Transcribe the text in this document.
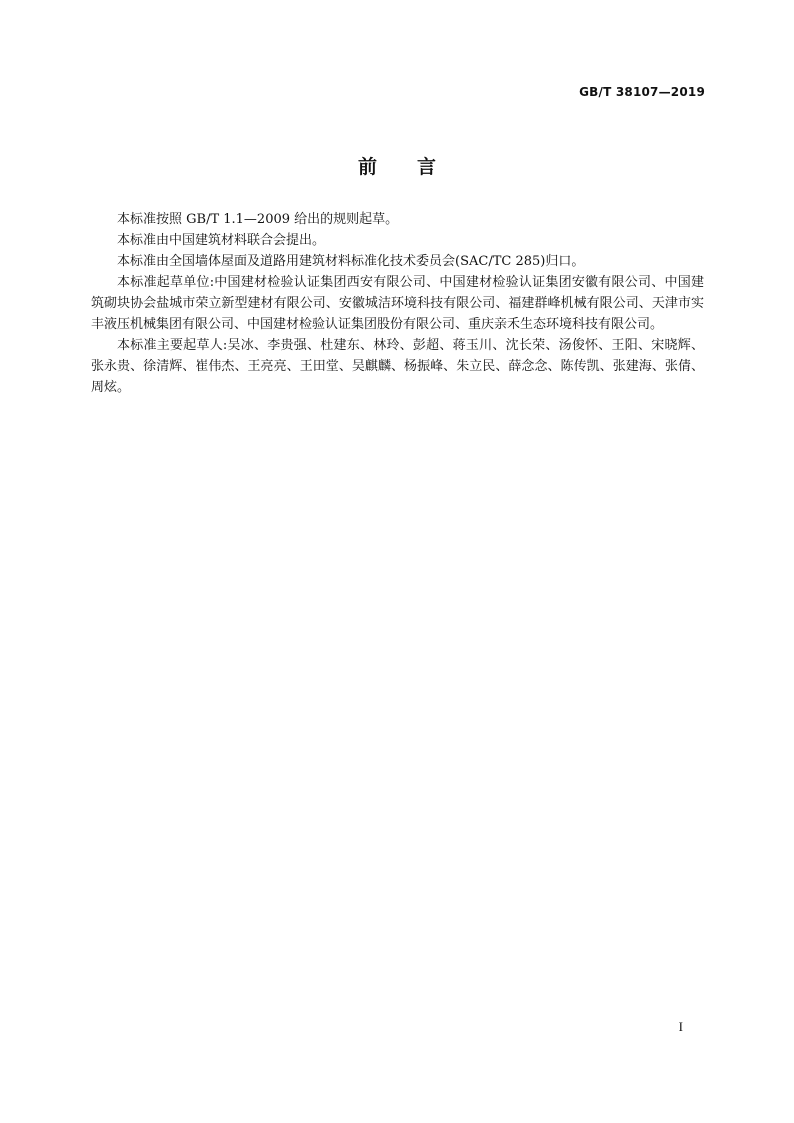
GB/T 38107—2019
前言

本标准按照 GB/T 1.1—2009 给出的规则起草。

本标准由中国建筑材料联合会提出。

本标准由全国墙体屋面及道路用建筑材料标准化技术委员会(SAC/TC 285)归口。

本标准起草单位:中国建材检验认证集团西安有限公司、中国建材检验认证集团安徽有限公司、中国建筑砌块协会盐城市荣立新型建材有限公司、安徽城洁环境科技有限公司、福建群峰机械有限公司、天津市实丰液压机械集团有限公司、中国建材检验认证集团股份有限公司、重庆亲禾生态环境科技有限公司。

本标准主要起草人:吴冰、李贵强、杜建东、林玲、彭超、蒋玉川、沈长荣、汤俊怀、王阳、宋晓辉、张永贵、徐清辉、崔伟杰、王亮亮、王田堂、吴麒麟、杨振峰、朱立民、薛念念、陈传凯、张建海、张倩、周炫。

I
